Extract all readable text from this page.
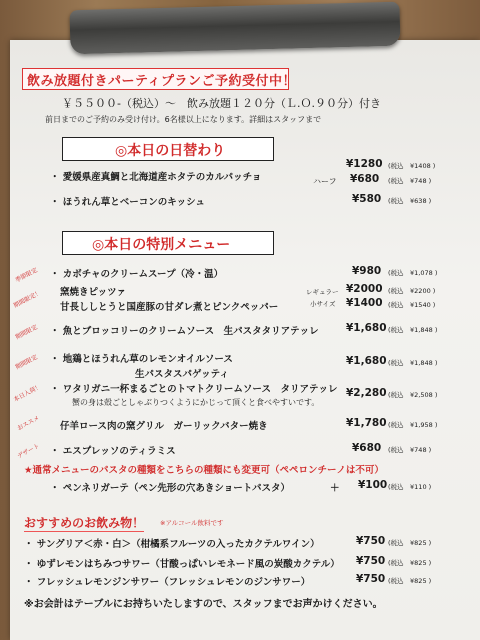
飲み放題付きパーティプランご予約受付中！
￥５５００-（税込）～　飲み放題１２０分（Ｌ.Ｏ.９０分）付き
前日までのご予約のみ受け付け。6名様以上になります。詳細はスタッフまで
◎本日の日替わり
・ 愛媛県産真鯛と北海道産ホタテのカルパッチョ
¥1280 (税込　¥1408 )
ハーフ ¥680 (税込　¥748 )
・ ほうれん草とベーコンのキッシュ	¥580 (税込　¥638 )
◎本日の特別メニュー
季節限定 ・ カボチャのクリームスープ（冷・温）	¥980 (税込　¥1,078 )
期間限定！ 窯焼きピッツァ
甘長ししとうと国産豚の甘ダレ煮とピンクペッパー
レギュラー ¥2000 (税込　¥2200 )
小サイズ ¥1400 (税込　¥1540 )
期間限定 ・ 魚とブロッコリーのクリームソース　生パスタタリアテッレ	¥1,680 (税込　¥1,848 )
期間限定 ・ 地鶏とほうれん草のレモンオイルソース
生パスタスパゲッティ
¥1,680 (税込　¥1,848 )
本日入荷！ ・ ワタリガニ一杯まるごとのトマトクリームソース　タリアテッレ
蟹の身は殻ごとしゃぶりつくようにかじって頂くと食べやすいです。
¥2,280 (税込　¥2,508 )
おススメ 仔羊ロース肉の窯グリル　ガーリックバター焼き	¥1,780 (税込　¥1,958 )
デザート ・ エスプレッソのティラミス	¥680 (税込　¥748 )
★通常メニューのパスタの種類をこちらの種類にも変更可（ペペロンチーノは不可）
・ ペンネリガーテ（ペン先形の穴あきショートパスタ）	＋ ¥100 (税込　¥110 )
おすすめのお飲み物！ ※アルコール飲料です
・ サングリア＜赤・白＞（柑橘系フルーツの入ったカクテルワイン）	¥750 (税込　¥825 )
・ ゆずレモンはちみつサワー（甘酸っぱいレモネード風の炭酸カクテル） ¥750 (税込　¥825 )
・ フレッシュレモンジンサワー（フレッシュレモンのジンサワー）	¥750 (税込　¥825 )
※お会計はテーブルにお持ちいたしますので、スタッフまでお声かけください。
